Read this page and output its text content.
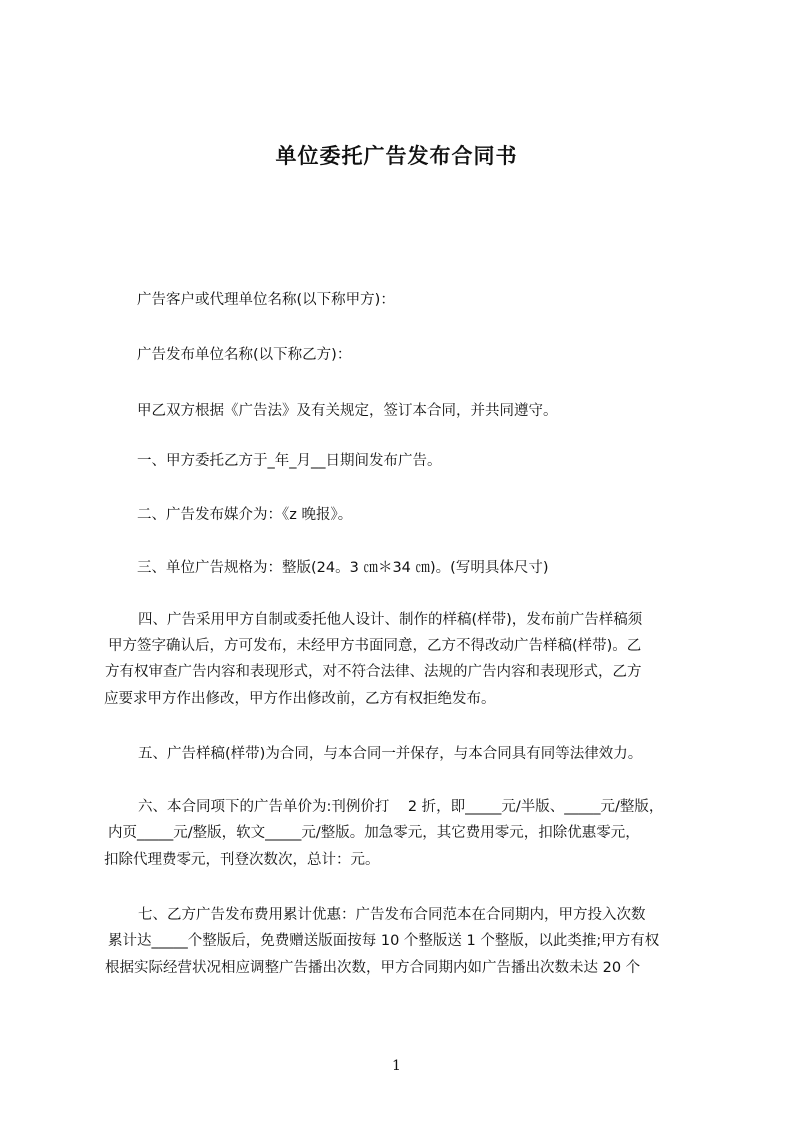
单位委托广告发布合同书

广告客户或代理单位名称(以下称甲方)：

广告发布单位名称(以下称乙方)：

甲乙双方根据《广告法》及有关规定，签订本合同，并共同遵守。

一、甲方委托乙方于_年_月__日期间发布广告。

二、广告发布媒介为：《z 晚报》。

三、单位广告规格为：整版(24。3 ㎝＊34 ㎝)。(写明具体尺寸)

四、广告采用甲方自制或委托他人设计、制作的样稿(样带)，发布前广告样稿须

甲方签字确认后，方可发布，未经甲方书面同意，乙方不得改动广告样稿(样带)。乙

方有权审查广告内容和表现形式，对不符合法律、法规的广告内容和表现形式，乙方

应要求甲方作出修改，甲方作出修改前，乙方有权拒绝发布。

五、广告样稿(样带)为合同，与本合同一并保存，与本合同具有同等法律效力。

六、本合同项下的广告单价为:刊例价打    2 折，即_____元/半版、_____元/整版，

内页_____元/整版，软文_____元/整版。加急零元，其它费用零元，扣除优惠零元，

扣除代理费零元，刊登次数次，总计：元。

七、乙方广告发布费用累计优惠：广告发布合同范本在合同期内，甲方投入次数

累计达_____个整版后，免费赠送版面按每 10 个整版送 1 个整版，以此类推;甲方有权

根据实际经营状况相应调整广告播出次数，甲方合同期内如广告播出次数未达 20 个

1
